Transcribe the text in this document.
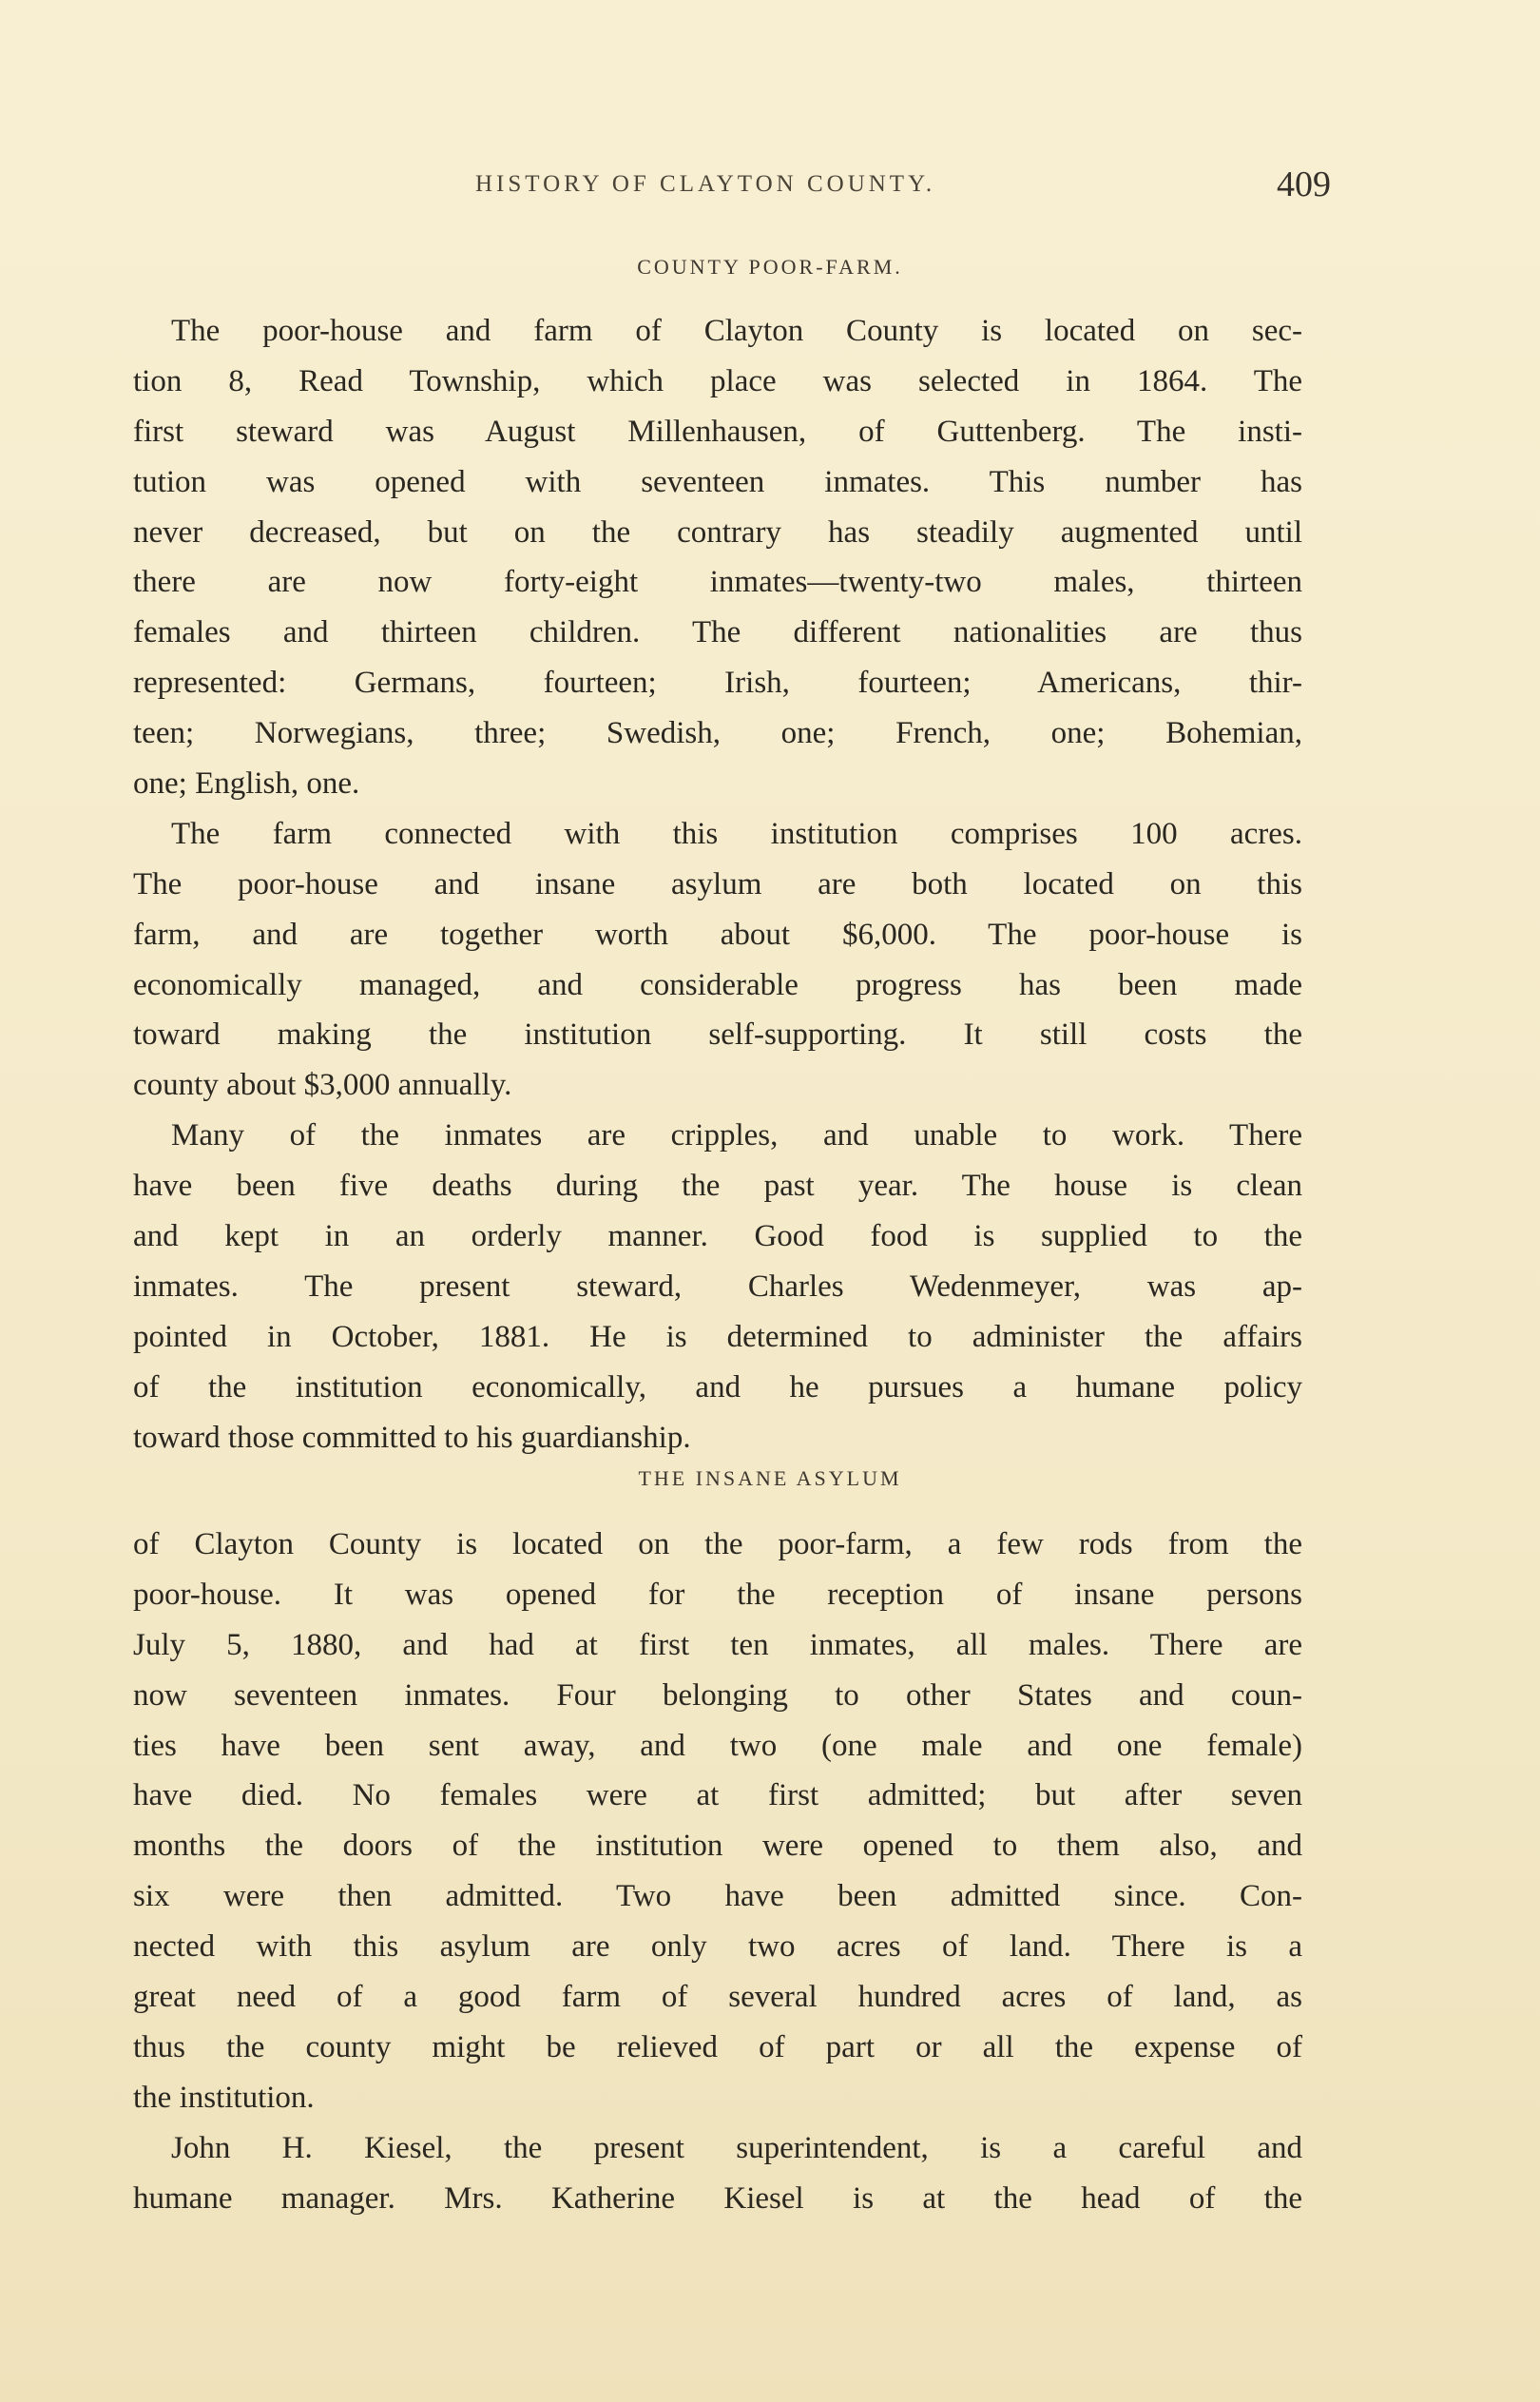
HISTORY OF CLAYTON COUNTY.	409
COUNTY POOR-FARM.
The poor-house and farm of Clayton County is located on sec-
tion 8, Read Township, which place was selected in 1864. The
first steward was August Millenhausen, of Guttenberg. The insti-
tution was opened with seventeen inmates. This number has
never decreased, but on the contrary has steadily augmented until
there are now forty-eight inmates—twenty-two males, thirteen
females and thirteen children. The different nationalities are thus
represented: Germans, fourteen; Irish, fourteen; Americans, thir-
teen; Norwegians, three; Swedish, one; French, one; Bohemian,
one; English, one.
The farm connected with this institution comprises 100 acres.
The poor-house and insane asylum are both located on this
farm, and are together worth about $6,000. The poor-house is
economically managed, and considerable progress has been made
toward making the institution self-supporting. It still costs the
county about $3,000 annually.
Many of the inmates are cripples, and unable to work. There
have been five deaths during the past year. The house is clean
and kept in an orderly manner. Good food is supplied to the
inmates. The present steward, Charles Wedenmeyer, was ap-
pointed in October, 1881. He is determined to administer the affairs
of the institution economically, and he pursues a humane policy
toward those committed to his guardianship.
THE INSANE ASYLUM
of Clayton County is located on the poor-farm, a few rods from the
poor-house. It was opened for the reception of insane persons
July 5, 1880, and had at first ten inmates, all males. There are
now seventeen inmates. Four belonging to other States and coun-
ties have been sent away, and two (one male and one female)
have died. No females were at first admitted; but after seven
months the doors of the institution were opened to them also, and
six were then admitted. Two have been admitted since. Con-
nected with this asylum are only two acres of land. There is a
great need of a good farm of several hundred acres of land, as
thus the county might be relieved of part or all the expense of
the institution.
John H. Kiesel, the present superintendent, is a careful and
humane manager. Mrs. Katherine Kiesel is at the head of the
